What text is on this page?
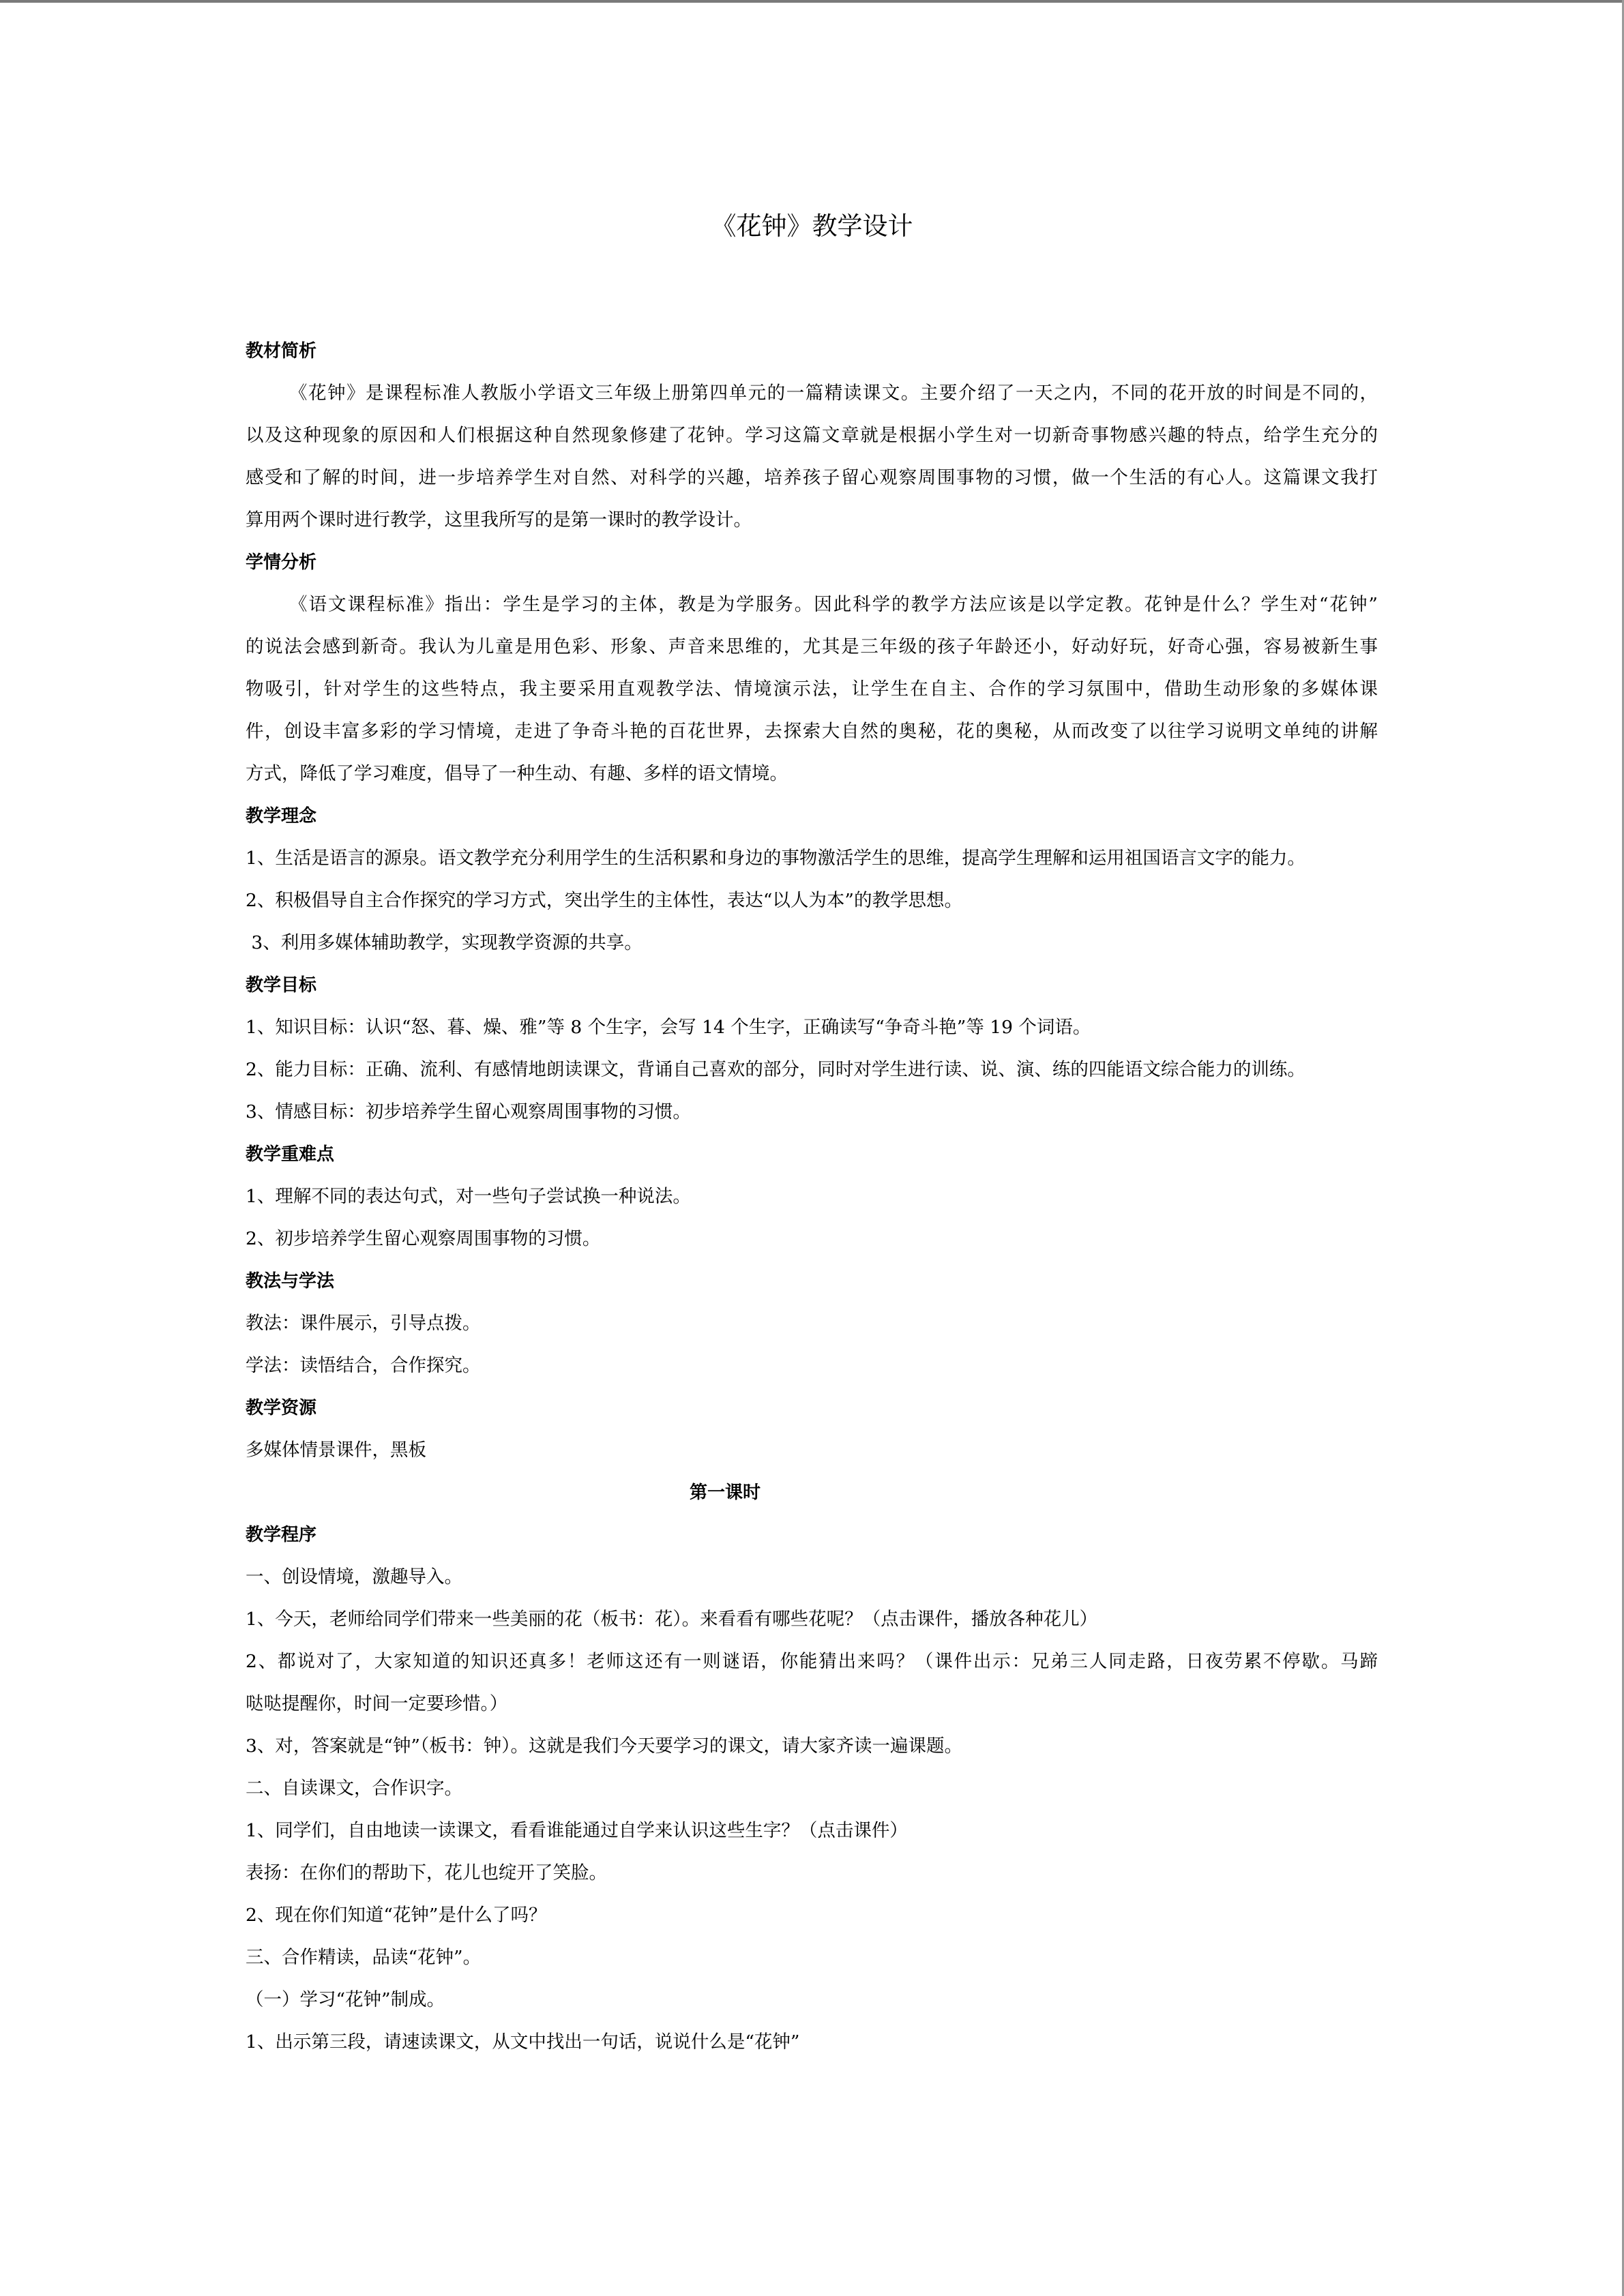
《花钟》教学设计
教材简析
《花钟》是课程标准人教版小学语文三年级上册第四单元的一篇精读课文。主要介绍了一天之内，不同的花开放的时间是不同的，
以及这种现象的原因和人们根据这种自然现象修建了花钟。学习这篇文章就是根据小学生对一切新奇事物感兴趣的特点，给学生充分的
感受和了解的时间，进一步培养学生对自然、对科学的兴趣，培养孩子留心观察周围事物的习惯，做一个生活的有心人。这篇课文我打
算用两个课时进行教学，这里我所写的是第一课时的教学设计。
学情分析
《语文课程标准》指出：学生是学习的主体，教是为学服务。因此科学的教学方法应该是以学定教。花钟是什么？学生对“花钟”
的说法会感到新奇。我认为儿童是用色彩、形象、声音来思维的，尤其是三年级的孩子年龄还小，好动好玩，好奇心强，容易被新生事
物吸引，针对学生的这些特点，我主要采用直观教学法、情境演示法，让学生在自主、合作的学习氛围中，借助生动形象的多媒体课
件，创设丰富多彩的学习情境，走进了争奇斗艳的百花世界，去探索大自然的奥秘，花的奥秘，从而改变了以往学习说明文单纯的讲解
方式，降低了学习难度，倡导了一种生动、有趣、多样的语文情境。
教学理念
1、生活是语言的源泉。语文教学充分利用学生的生活积累和身边的事物激活学生的思维，提高学生理解和运用祖国语言文字的能力。
2、积极倡导自主合作探究的学习方式，突出学生的主体性，表达“以人为本”的教学思想。
3、利用多媒体辅助教学，实现教学资源的共享。
教学目标
1、知识目标：认识“怒、暮、燥、雅”等 8 个生字，会写 14 个生字，正确读写“争奇斗艳”等 19 个词语。
2、能力目标：正确、流利、有感情地朗读课文，背诵自己喜欢的部分，同时对学生进行读、说、演、练的四能语文综合能力的训练。
3、情感目标：初步培养学生留心观察周围事物的习惯。
教学重难点
1、理解不同的表达句式，对一些句子尝试换一种说法。
2、初步培养学生留心观察周围事物的习惯。
教法与学法
教法：课件展示，引导点拨。
学法：读悟结合，合作探究。
教学资源
多媒体情景课件，黑板
第一课时
教学程序
一、创设情境，激趣导入。
1、今天，老师给同学们带来一些美丽的花（板书：花）。来看看有哪些花呢？（点击课件，播放各种花儿）
2、都说对了，大家知道的知识还真多！老师这还有一则谜语，你能猜出来吗？（课件出示：兄弟三人同走路，日夜劳累不停歇。马蹄
哒哒提醒你，时间一定要珍惜。）
3、对，答案就是“钟”（板书：钟）。这就是我们今天要学习的课文，请大家齐读一遍课题。
二、自读课文，合作识字。
1、同学们，自由地读一读课文，看看谁能通过自学来认识这些生字？（点击课件）
表扬：在你们的帮助下，花儿也绽开了笑脸。
2、现在你们知道“花钟”是什么了吗？
三、合作精读，品读“花钟”。
（一）学习“花钟”制成。
1、出示第三段，请速读课文，从文中找出一句话，说说什么是“花钟”
